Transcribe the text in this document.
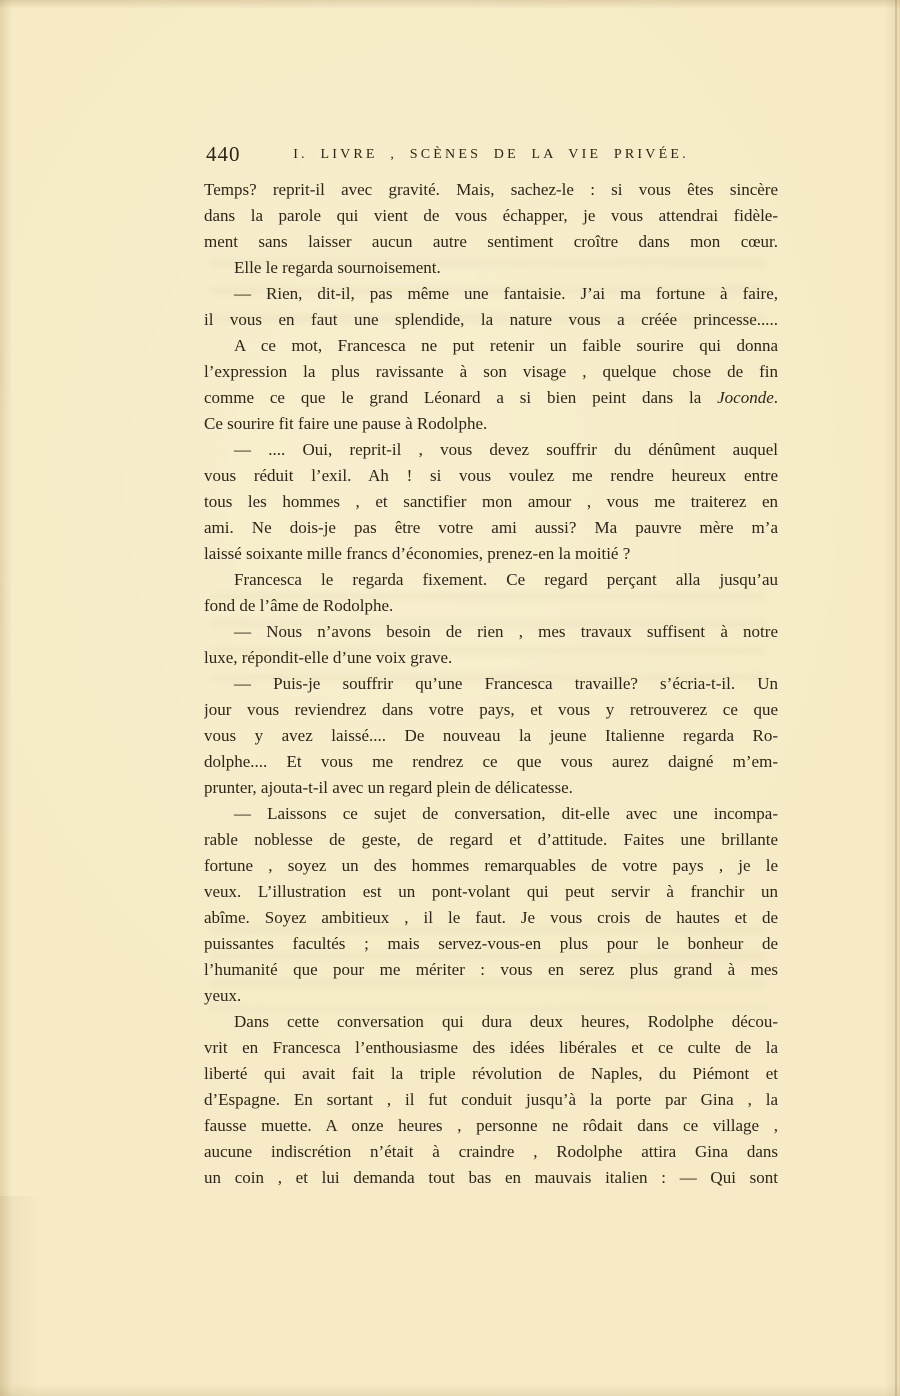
440	I. LIVRE , SCÈNES DE LA VIE PRIVÉE.
Temps? reprit-il avec gravité. Mais, sachez-le : si vous êtes sincère
dans la parole qui vient de vous échapper, je vous attendrai fidèle-
ment sans laisser aucun autre sentiment croître dans mon cœur.
Elle le regarda sournoisement.
— Rien, dit-il, pas même une fantaisie. J’ai ma fortune à faire,
il vous en faut une splendide, la nature vous a créée princesse.....
A ce mot, Francesca ne put retenir un faible sourire qui donna
l’expression la plus ravissante à son visage , quelque chose de fin
comme ce que le grand Léonard a si bien peint dans la Joconde.
Ce sourire fit faire une pause à Rodolphe.
— .... Oui, reprit-il , vous devez souffrir du dénûment auquel
vous réduit l’exil. Ah ! si vous voulez me rendre heureux entre
tous les hommes , et sanctifier mon amour , vous me traiterez en
ami. Ne dois-je pas être votre ami aussi? Ma pauvre mère m’a
laissé soixante mille francs d’économies, prenez-en la moitié ?
Francesca le regarda fixement. Ce regard perçant alla jusqu’au
fond de l’âme de Rodolphe.
— Nous n’avons besoin de rien , mes travaux suffisent à notre
luxe, répondit-elle d’une voix grave.
— Puis-je souffrir qu’une Francesca travaille? s’écria-t-il. Un
jour vous reviendrez dans votre pays, et vous y retrouverez ce que
vous y avez laissé.... De nouveau la jeune Italienne regarda Ro-
dolphe.... Et vous me rendrez ce que vous aurez daigné m’em-
prunter, ajouta-t-il avec un regard plein de délicatesse.
— Laissons ce sujet de conversation, dit-elle avec une incompa-
rable noblesse de geste, de regard et d’attitude. Faites une brillante
fortune , soyez un des hommes remarquables de votre pays , je le
veux. L’illustration est un pont-volant qui peut servir à franchir un
abîme. Soyez ambitieux , il le faut. Je vous crois de hautes et de
puissantes facultés ; mais servez-vous-en plus pour le bonheur de
l’humanité que pour me mériter : vous en serez plus grand à mes
yeux.
Dans cette conversation qui dura deux heures, Rodolphe décou-
vrit en Francesca l’enthousiasme des idées libérales et ce culte de la
liberté qui avait fait la triple révolution de Naples, du Piémont et
d’Espagne. En sortant , il fut conduit jusqu’à la porte par Gina , la
fausse muette. A onze heures , personne ne rôdait dans ce village ,
aucune indiscrétion n’était à craindre , Rodolphe attira Gina dans
un coin , et lui demanda tout bas en mauvais italien : — Qui sont
